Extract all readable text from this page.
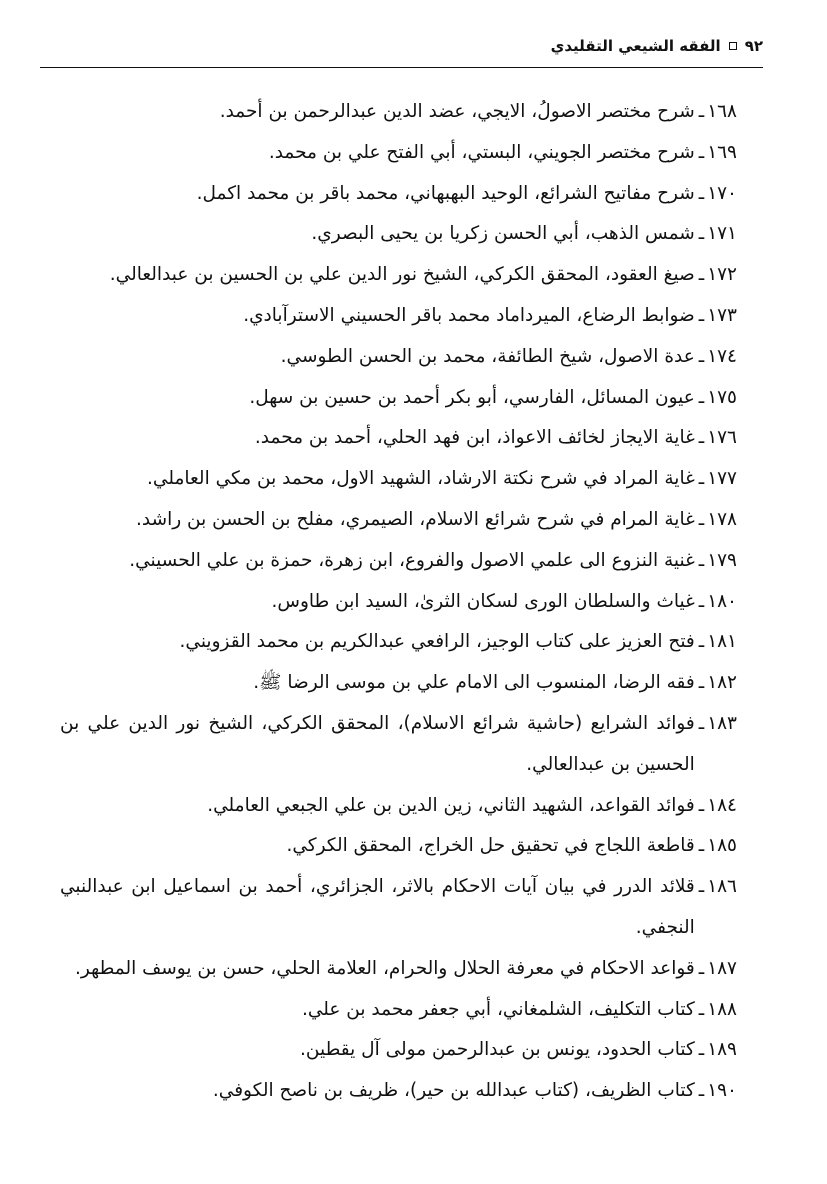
٩٢
الفقه الشيعي التقليدي
١٦٨
ـ
شرح مختصر الاصولُ، الايجي، عضد الدين عبدالرحمن بن أحمد.
١٦٩
ـ
شرح مختصر الجويني، البستي، أبي الفتح علي بن محمد.
١٧٠
ـ
شرح مفاتيح الشرائع، الوحيد البهبهاني، محمد باقر بن محمد اكمل.
١٧١
ـ
شمس الذهب، أبي الحسن زكريا بن يحيى البصري.
١٧٢
ـ
صيغ العقود، المحقق الكركي، الشيخ نور الدين علي بن الحسين بن عبدالعالي.
١٧٣
ـ
ضوابط الرضاع، الميرداماد محمد باقر الحسيني الاسترآبادي.
١٧٤
ـ
عدة الاصول، شيخ الطائفة، محمد بن الحسن الطوسي.
١٧٥
ـ
عيون المسائل، الفارسي، أبو بكر أحمد بن حسين بن سهل.
١٧٦
ـ
غاية الايجاز لخائف الاعواذ، ابن فهد الحلي، أحمد بن محمد.
١٧٧
ـ
غاية المراد في شرح نكتة الارشاد، الشهيد الاول، محمد بن مكي العاملي.
١٧٨
ـ
غاية المرام في شرح شرائع الاسلام، الصيمري، مفلح بن الحسن بن راشد.
١٧٩
ـ
غنية النزوع الى علمي الاصول والفروع، ابن زهرة، حمزة بن علي الحسيني.
١٨٠
ـ
غياث والسلطان الورى لسكان الثرىٰ، السيد ابن طاوس.
١٨١
ـ
فتح العزيز على كتاب الوجيز، الرافعي عبدالكريم بن محمد القزويني.
١٨٢
ـ
فقه الرضا، المنسوب الى الامام علي بن موسى الرضا ﷺ.
١٨٣
ـ
فوائد الشرايع (حاشية شرائع الاسلام)، المحقق الكركي، الشيخ نور الدين علي بن الحسين بن عبدالعالي.
١٨٤
ـ
فوائد القواعد، الشهيد الثاني، زين الدين بن علي الجبعي العاملي.
١٨٥
ـ
قاطعة اللجاج في تحقيق حل الخراج، المحقق الكركي.
١٨٦
ـ
قلائد الدرر في بيان آيات الاحكام بالاثر، الجزائري، أحمد بن اسماعيل ابن عبدالنبي النجفي.
١٨٧
ـ
قواعد الاحكام في معرفة الحلال والحرام، العلامة الحلي، حسن بن يوسف المطهر.
١٨٨
ـ
كتاب التكليف، الشلمغاني، أبي جعفر محمد بن علي.
١٨٩
ـ
كتاب الحدود، يونس بن عبدالرحمن مولى آل يقطين.
١٩٠
ـ
كتاب الظريف، (كتاب عبدالله بن حير)، ظريف بن ناصح الكوفي.
